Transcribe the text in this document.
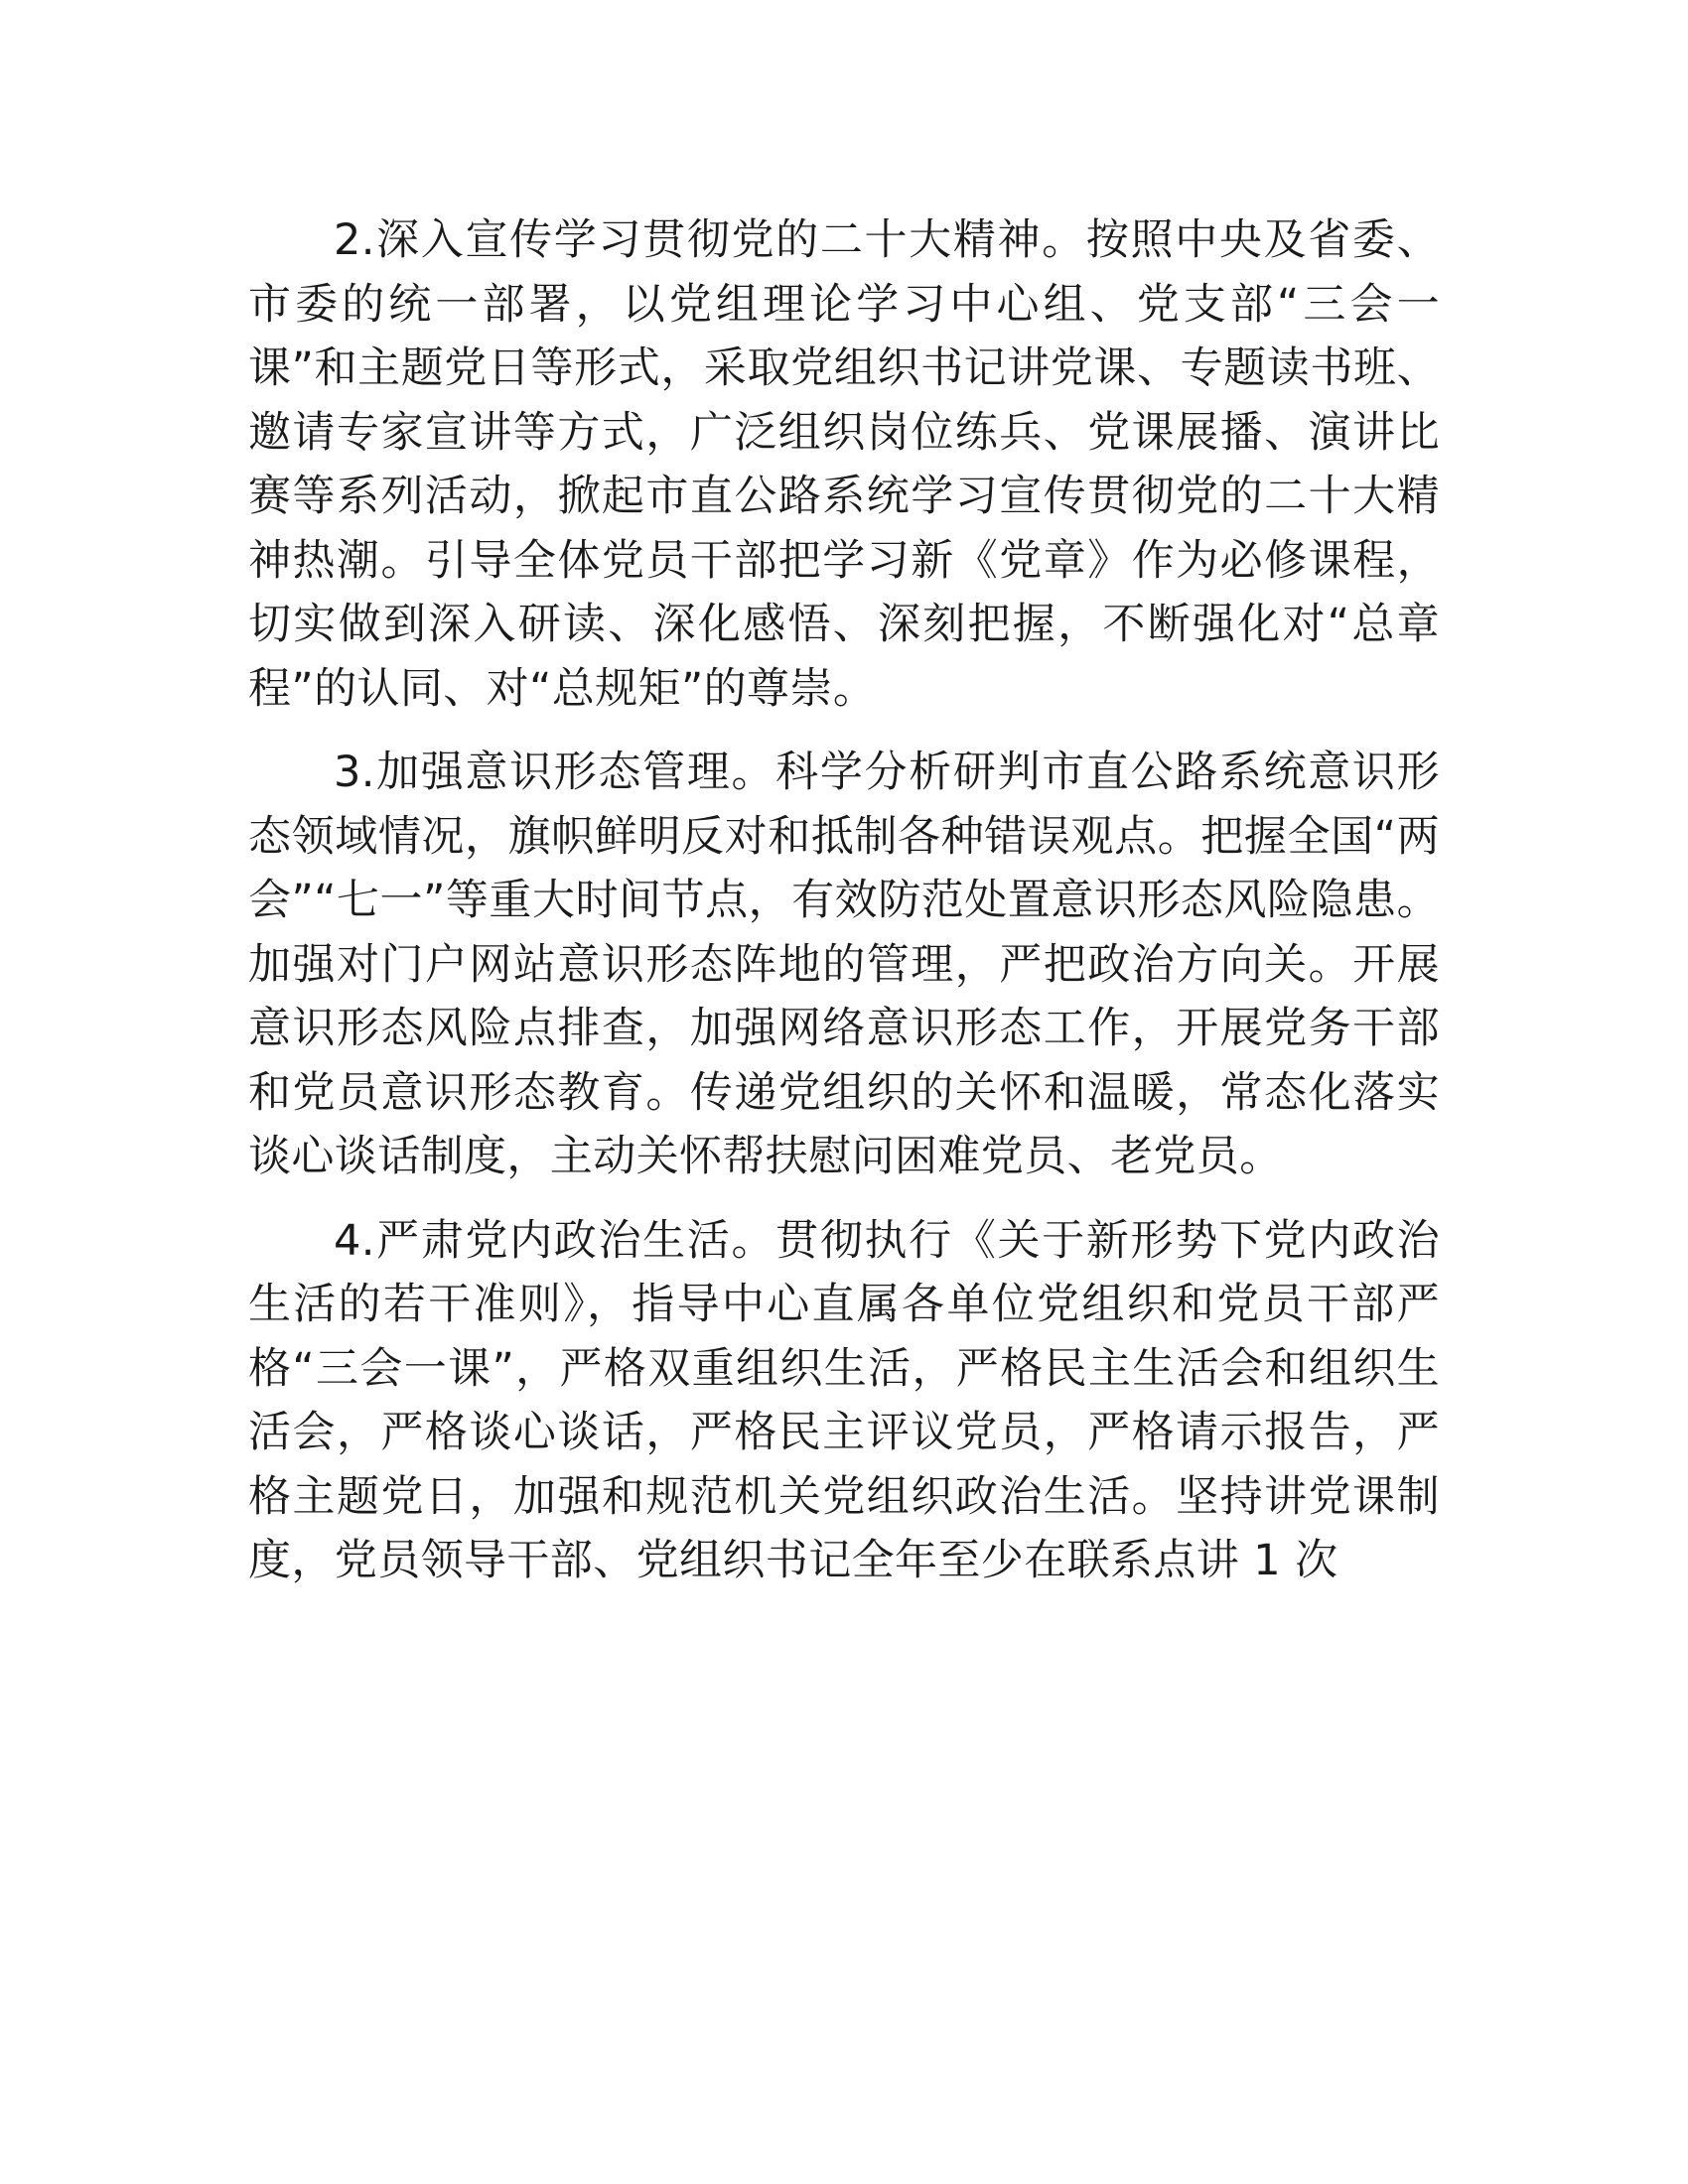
2.深入宣传学习贯彻党的二十大精神。按照中央及省委、市委的统一部署，以党组理论学习中心组、党支部“三会一课”和主题党日等形式，采取党组织书记讲党课、专题读书班、邀请专家宣讲等方式，广泛组织岗位练兵、党课展播、演讲比赛等系列活动，掀起市直公路系统学习宣传贯彻党的二十大精神热潮。引导全体党员干部把学习新《党章》作为必修课程，切实做到深入研读、深化感悟、深刻把握，不断强化对“总章程”的认同、对“总规矩”的尊崇。

3.加强意识形态管理。科学分析研判市直公路系统意识形态领域情况，旗帜鲜明反对和抵制各种错误观点。把握全国“两会”“七一”等重大时间节点，有效防范处置意识形态风险隐患。加强对门户网站意识形态阵地的管理，严把政治方向关。开展意识形态风险点排查，加强网络意识形态工作，开展党务干部和党员意识形态教育。传递党组织的关怀和温暖，常态化落实谈心谈话制度，主动关怀帮扶慰问困难党员、老党员。

4.严肃党内政治生活。贯彻执行《关于新形势下党内政治生活的若干准则》，指导中心直属各单位党组织和党员干部严格“三会一课”，严格双重组织生活，严格民主生活会和组织生活会，严格谈心谈话，严格民主评议党员，严格请示报告，严格主题党日，加强和规范机关党组织政治生活。坚持讲党课制度，党员领导干部、党组织书记全年至少在联系点讲 1 次
